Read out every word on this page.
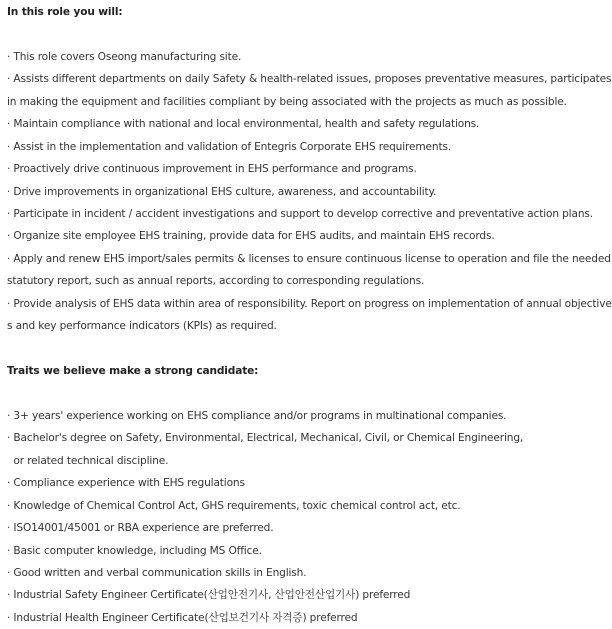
In this role you will:
· This role covers Oseong manufacturing site.
· Assists different departments on daily Safety & health-related issues, proposes preventative measures, participates
in making the equipment and facilities compliant by being associated with the projects as much as possible.
· Maintain compliance with national and local environmental, health and safety regulations.
· Assist in the implementation and validation of Entegris Corporate EHS requirements.
· Proactively drive continuous improvement in EHS performance and programs.
· Drive improvements in organizational EHS culture, awareness, and accountability.
· Participate in incident / accident investigations and support to develop corrective and preventative action plans.
· Organize site employee EHS training, provide data for EHS audits, and maintain EHS records.
· Apply and renew EHS import/sales permits & licenses to ensure continuous license to operation and file the needed
statutory report, such as annual reports, according to corresponding regulations.
· Provide analysis of EHS data within area of responsibility. Report on progress on implementation of annual objective
s and key performance indicators (KPIs) as required.
Traits we believe make a strong candidate:
· 3+ years' experience working on EHS compliance and/or programs in multinational companies.
· Bachelor's degree on Safety, Environmental, Electrical, Mechanical, Civil, or Chemical Engineering,
or related technical discipline.
· Compliance experience with EHS regulations
· Knowledge of Chemical Control Act, GHS requirements, toxic chemical control act, etc.
· ISO14001/45001 or RBA experience are preferred.
· Basic computer knowledge, including MS Office.
· Good written and verbal communication skills in English.
· Industrial Safety Engineer Certificate(산업안전기사, 산업안전산업기사) preferred
· Industrial Health Engineer Certificate(산업보건기사 자격증) preferred
